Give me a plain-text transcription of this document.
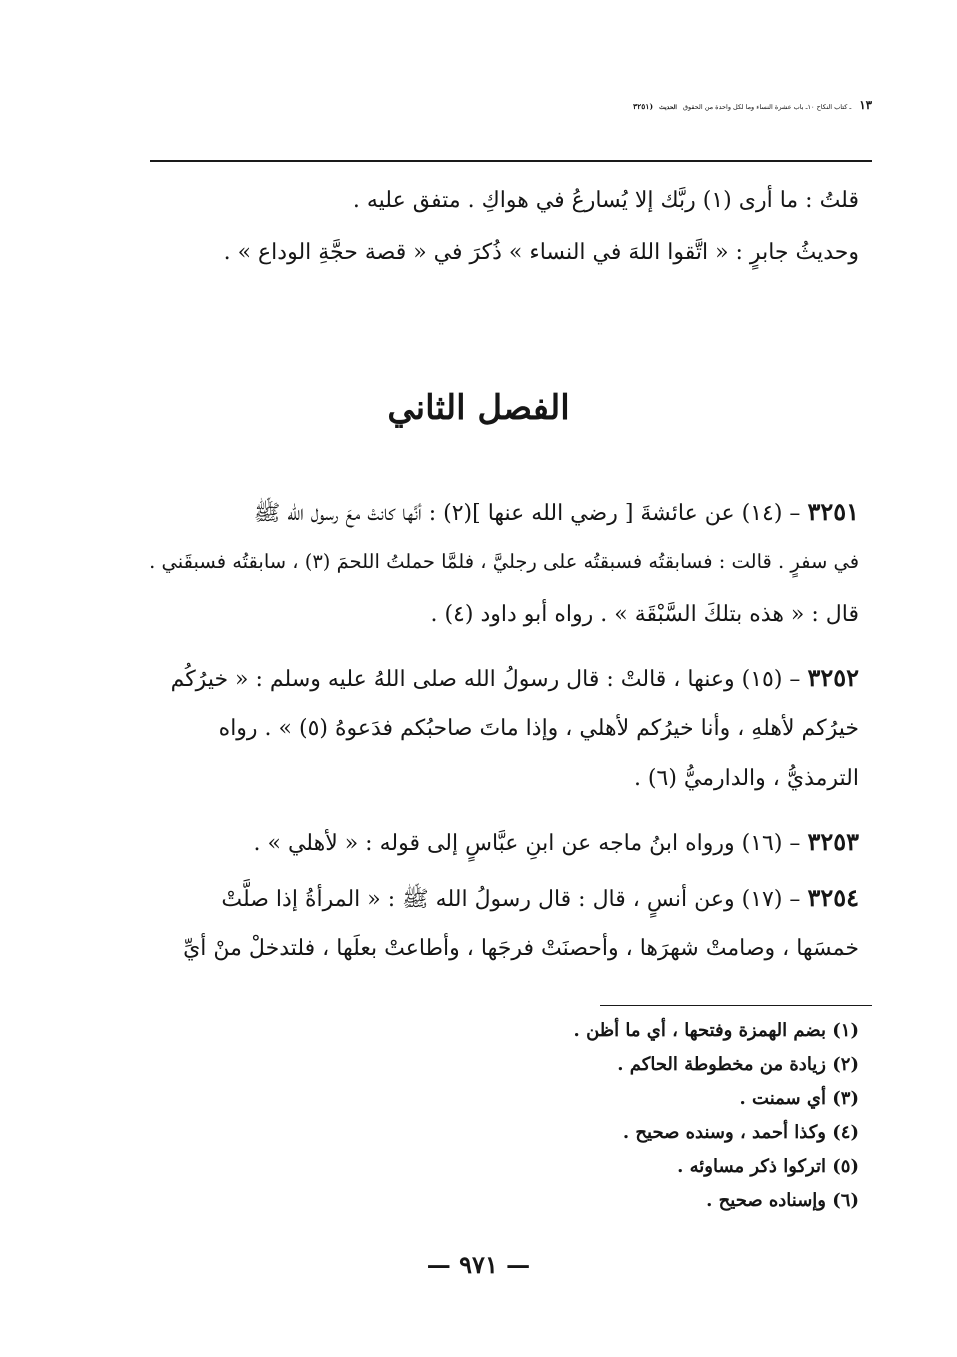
١٣
ـ كتاب النكاح ١٠ـ باب عشرة النساء وما لكل واحدة من الحقوق
الحديث
(٣٢٥١
قلتُ : ما أرى (١) ربَّك إلا يُسارعُ في هواكِ . متفق عليه .
وحديثُ جابرٍ : « اتَّقوا اللهَ في النساء » ذُكرَ في « قصة حجَّةِ الوداع » .
الفصل الثاني
٣٢٥١ – (١٤) عن عائشةَ [ رضي الله عنها ](٢) : أنَّها كانتْ معَ رسول الله ﷺ
في سفرٍ . قالت : فسابقتُه فسبقتُه على رجليَّ ، فلمَّا حملتُ اللحمَ (٣) ، سابقتُه فسبقَني .
قال : « هذه بتلكَ السَّبْقَة » . رواه أبو داود (٤) .
٣٢٥٢ – (١٥) وعنها ، قالتْ : قال رسولُ الله صلى اللهُ عليه وسلم : « خيرُكُم
خيرُكم لأهلهِ ، وأنا خيرُكم لأهلي ، وإذا ماتَ صاحبُكم فدَعوهُ (٥) » . رواه
الترمذيُّ ، والدارميُّ (٦) .
٣٢٥٣ – (١٦) ورواه ابنُ ماجه عن ابنِ عبَّاسٍ إلى قوله : « لأهلي » .
٣٢٥٤ – (١٧) وعن أنسٍ ، قال : قال رسولُ الله ﷺ : « المرأةُ إذا صلَّتْ
خمسَها ، وصامتْ شهرَها ، وأحصنَتْ فرجَها ، وأطاعتْ بعلَها ، فلتدخلْ منْ أيِّ
(١) بضم الهمزة وفتحها ، أي ما أظن .
(٢) زيادة من مخطوطة الحاكم .
(٣) أي سمنت .
(٤) وكذا أحمد ، وسنده صحيح .
(٥) اتركوا ذكر مساوئه .
(٦) وإسناده صحيح .
— ٩٧١ —
